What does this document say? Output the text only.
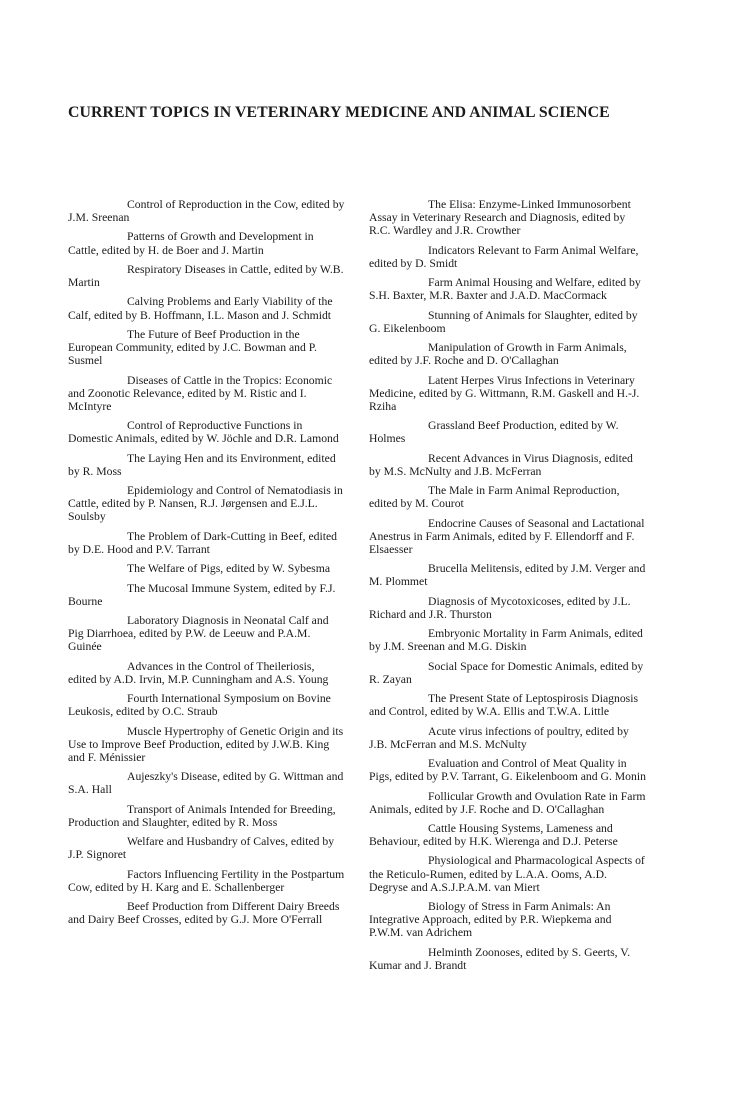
CURRENT TOPICS IN VETERINARY MEDICINE AND ANIMAL SCIENCE

Control of Reproduction in the Cow, edited by J.M. Sreenan

Patterns of Growth and Development in Cattle, edited by H. de Boer and J. Martin

Respiratory Diseases in Cattle, edited by W.B. Martin

Calving Problems and Early Viability of the Calf, edited by B. Hoffmann, I.L. Mason and J. Schmidt

The Future of Beef Production in the European Community, edited by J.C. Bowman and P. Susmel

Diseases of Cattle in the Tropics: Economic and Zoonotic Relevance, edited by M. Ristic and I. McIntyre

Control of Reproductive Functions in Domestic Animals, edited by W. Jöchle and D.R. Lamond

The Laying Hen and its Environment, edited by R. Moss

Epidemiology and Control of Nematodiasis in Cattle, edited by P. Nansen, R.J. Jørgensen and E.J.L. Soulsby

The Problem of Dark-Cutting in Beef, edited by D.E. Hood and P.V. Tarrant

The Welfare of Pigs, edited by W. Sybesma

The Mucosal Immune System, edited by F.J. Bourne

Laboratory Diagnosis in Neonatal Calf and Pig Diarrhoea, edited by P.W. de Leeuw and P.A.M. Guinée

Advances in the Control of Theileriosis, edited by A.D. Irvin, M.P. Cunningham and A.S. Young

Fourth International Symposium on Bovine Leukosis, edited by O.C. Straub

Muscle Hypertrophy of Genetic Origin and its Use to Improve Beef Production, edited by J.W.B. King and F. Ménissier

Aujeszky's Disease, edited by G. Wittman and S.A. Hall

Transport of Animals Intended for Breeding, Production and Slaughter, edited by R. Moss

Welfare and Husbandry of Calves, edited by J.P. Signoret

Factors Influencing Fertility in the Postpartum Cow, edited by H. Karg and E. Schallenberger

Beef Production from Different Dairy Breeds and Dairy Beef Crosses, edited by G.J. More O'Ferrall

The Elisa: Enzyme-Linked Immunosorbent Assay in Veterinary Research and Diagnosis, edited by R.C. Wardley and J.R. Crowther

Indicators Relevant to Farm Animal Welfare, edited by D. Smidt

Farm Animal Housing and Welfare, edited by S.H. Baxter, M.R. Baxter and J.A.D. MacCormack

Stunning of Animals for Slaughter, edited by G. Eikelenboom

Manipulation of Growth in Farm Animals, edited by J.F. Roche and D. O'Callaghan

Latent Herpes Virus Infections in Veterinary Medicine, edited by G. Wittmann, R.M. Gaskell and H.-J. Rziha

Grassland Beef Production, edited by W. Holmes

Recent Advances in Virus Diagnosis, edited by M.S. McNulty and J.B. McFerran

The Male in Farm Animal Reproduction, edited by M. Courot

Endocrine Causes of Seasonal and Lactational Anestrus in Farm Animals, edited by F. Ellendorff and F. Elsaesser

Brucella Melitensis, edited by J.M. Verger and M. Plommet

Diagnosis of Mycotoxicoses, edited by J.L. Richard and J.R. Thurston

Embryonic Mortality in Farm Animals, edited by J.M. Sreenan and M.G. Diskin

Social Space for Domestic Animals, edited by R. Zayan

The Present State of Leptospirosis Diagnosis and Control, edited by W.A. Ellis and T.W.A. Little

Acute virus infections of poultry, edited by J.B. McFerran and M.S. McNulty

Evaluation and Control of Meat Quality in Pigs, edited by P.V. Tarrant, G. Eikelenboom and G. Monin

Follicular Growth and Ovulation Rate in Farm Animals, edited by J.F. Roche and D. O'Callaghan

Cattle Housing Systems, Lameness and Behaviour, edited by H.K. Wierenga and D.J. Peterse

Physiological and Pharmacological Aspects of the Reticulo-Rumen, edited by L.A.A. Ooms, A.D. Degryse and A.S.J.P.A.M. van Miert

Biology of Stress in Farm Animals: An Integrative Approach, edited by P.R. Wiepkema and P.W.M. van Adrichem

Helminth Zoonoses, edited by S. Geerts, V. Kumar and J. Brandt
